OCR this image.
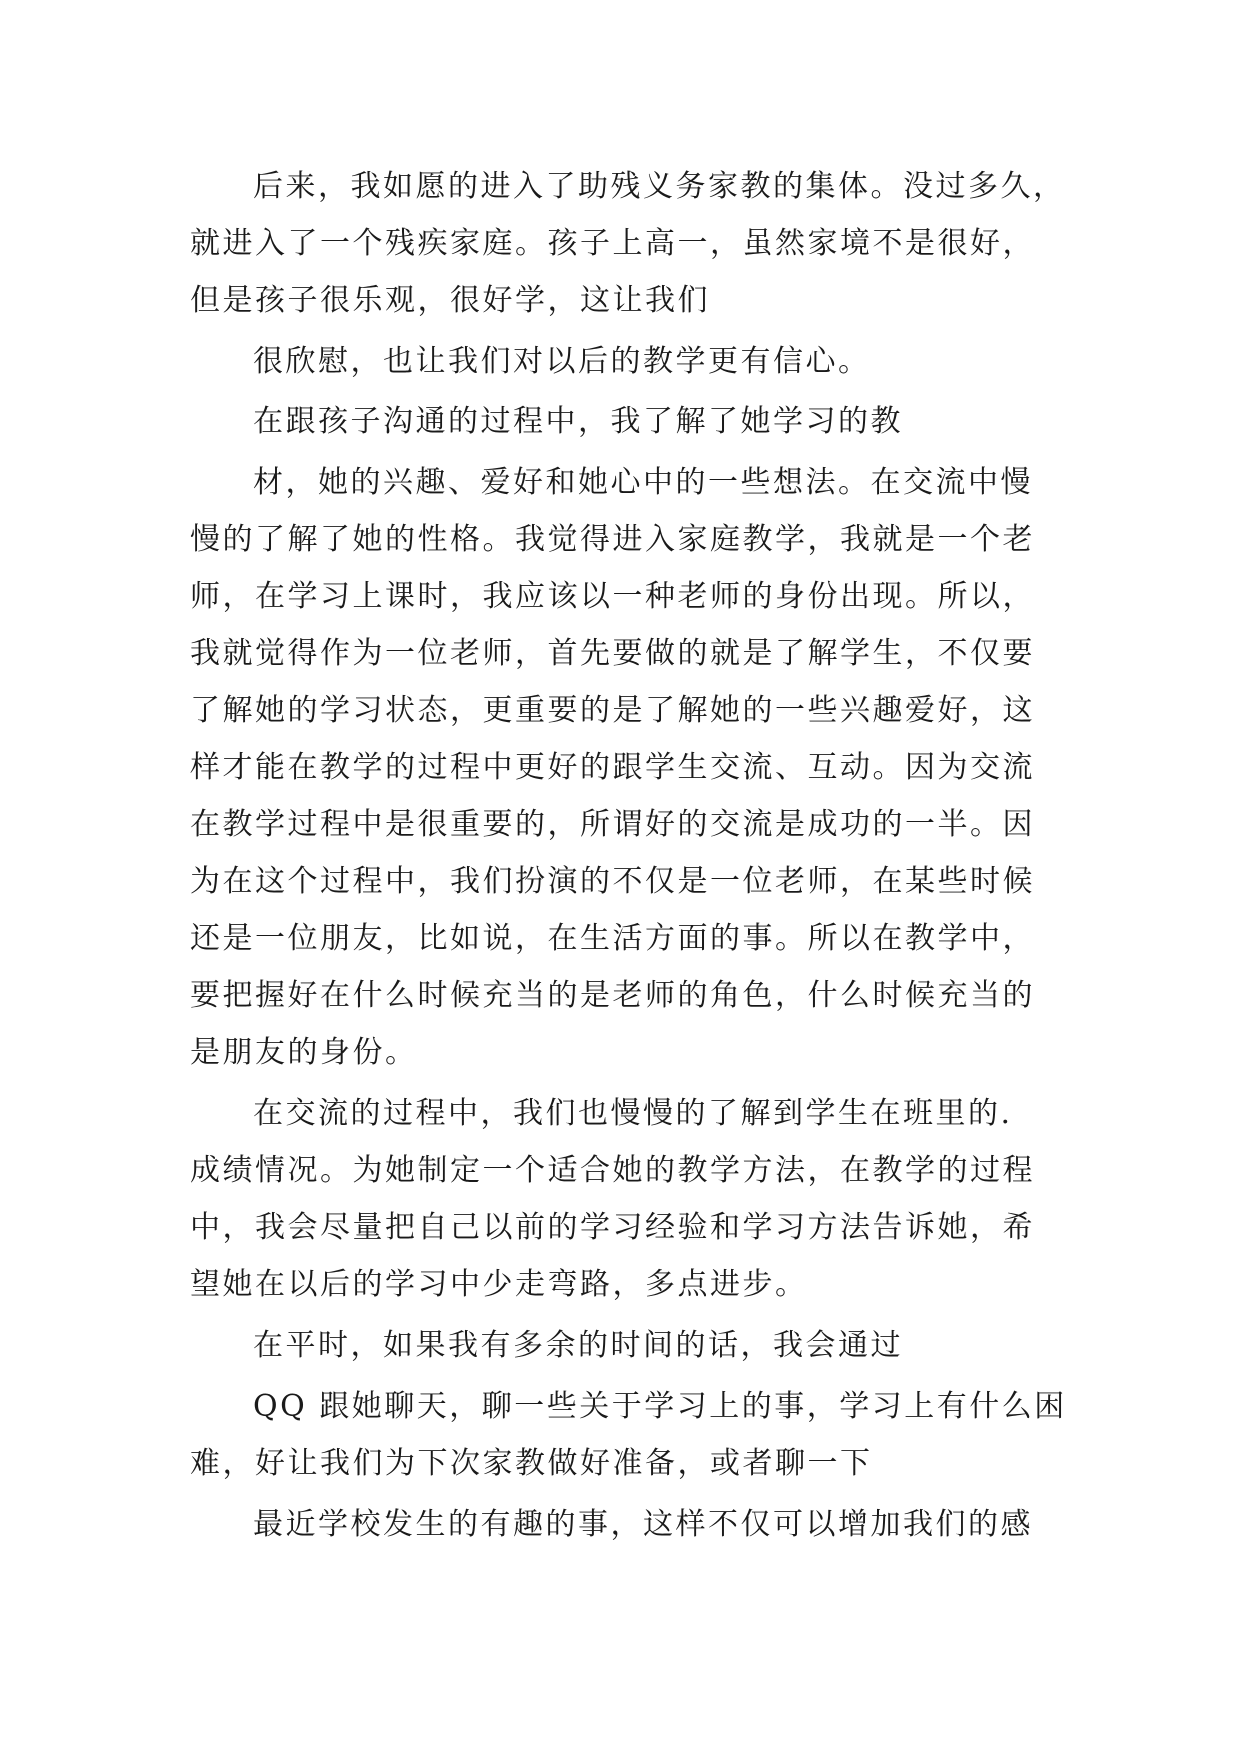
后来，我如愿的进入了助残义务家教的集体。没过多久，
就进入了一个残疾家庭。孩子上高一，虽然家境不是很好，
但是孩子很乐观，很好学，这让我们
很欣慰，也让我们对以后的教学更有信心。
在跟孩子沟通的过程中，我了解了她学习的教
材，她的兴趣、爱好和她心中的一些想法。在交流中慢
慢的了解了她的性格。我觉得进入家庭教学，我就是一个老
师，在学习上课时，我应该以一种老师的身份出现。所以，
我就觉得作为一位老师，首先要做的就是了解学生，不仅要
了解她的学习状态，更重要的是了解她的一些兴趣爱好，这
样才能在教学的过程中更好的跟学生交流、互动。因为交流
在教学过程中是很重要的，所谓好的交流是成功的一半。因
为在这个过程中，我们扮演的不仅是一位老师，在某些时候
还是一位朋友，比如说，在生活方面的事。所以在教学中，
要把握好在什么时候充当的是老师的角色，什么时候充当的
是朋友的身份。
在交流的过程中，我们也慢慢的了解到学生在班里的.
成绩情况。为她制定一个适合她的教学方法，在教学的过程
中，我会尽量把自己以前的学习经验和学习方法告诉她，希
望她在以后的学习中少走弯路，多点进步。
在平时，如果我有多余的时间的话，我会通过
QQ 跟她聊天，聊一些关于学习上的事，学习上有什么困
难，好让我们为下次家教做好准备，或者聊一下
最近学校发生的有趣的事，这样不仅可以增加我们的感
